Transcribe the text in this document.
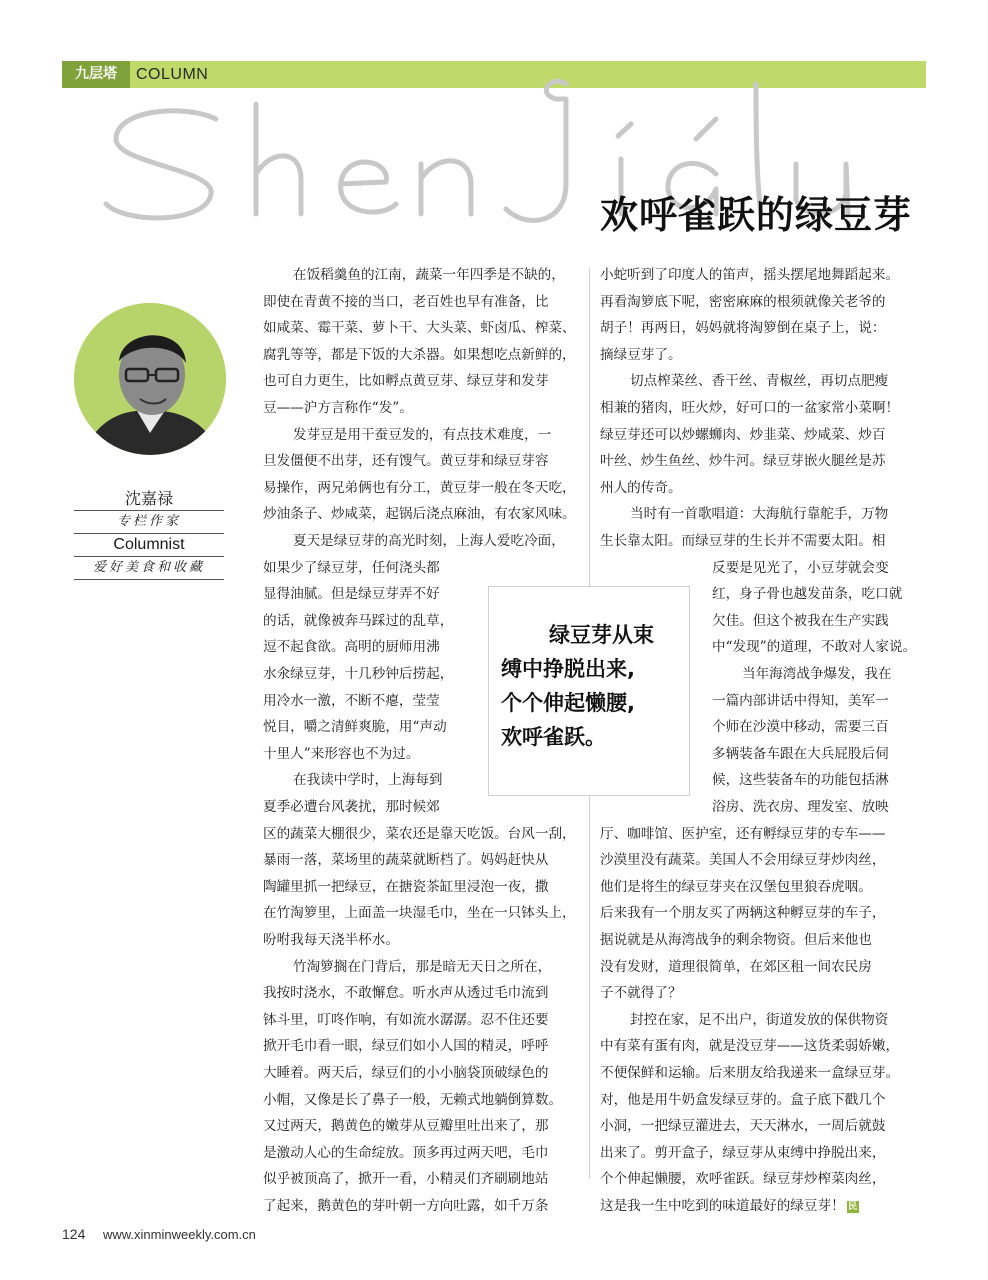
九层塔	COLUMN
欢呼雀跃的绿豆芽
沈嘉禄
专栏作家
Columnist
爱好美食和收藏
在饭稻羹鱼的江南，蔬菜一年四季是不缺的，
即使在青黄不接的当口，老百姓也早有准备，比
如咸菜、霉干菜、萝卜干、大头菜、虾卤瓜、榨菜、
腐乳等等，都是下饭的大杀器。如果想吃点新鲜的，
也可自力更生，比如孵点黄豆芽、绿豆芽和发芽
豆——沪方言称作“发”。
发芽豆是用干蚕豆发的，有点技术难度，一
旦发僵便不出芽，还有馊气。黄豆芽和绿豆芽容
易操作，两兄弟俩也有分工，黄豆芽一般在冬天吃，
炒油条子、炒咸菜，起锅后浇点麻油，有农家风味。
夏天是绿豆芽的高光时刻，上海人爱吃冷面，
如果少了绿豆芽，任何浇头都
显得油腻。但是绿豆芽弄不好
的话，就像被奔马踩过的乱草，
逗不起食欲。高明的厨师用沸
水氽绿豆芽，十几秒钟后捞起，
用冷水一激，不断不瘪，莹莹
悦目，嚼之清鲜爽脆，用“声动
十里人”来形容也不为过。
在我读中学时，上海每到
夏季必遭台风袭扰，那时候郊
区的蔬菜大棚很少，菜农还是靠天吃饭。台风一刮，
暴雨一落，菜场里的蔬菜就断档了。妈妈赶快从
陶罐里抓一把绿豆，在搪瓷茶缸里浸泡一夜，撒
在竹淘箩里，上面盖一块湿毛巾，坐在一只钵头上，
吩咐我每天浇半杯水。
竹淘箩搁在门背后，那是暗无天日之所在，
我按时浇水，不敢懈怠。听水声从透过毛巾流到
钵斗里，叮咚作响，有如流水潺潺。忍不住还要
掀开毛巾看一眼，绿豆们如小人国的精灵，呼呼
大睡着。两天后，绿豆们的小小脑袋顶破绿色的
小帽，又像是长了鼻子一般，无赖式地躺倒算数。
又过两天，鹅黄色的嫩芽从豆瓣里吐出来了，那
是激动人心的生命绽放。顶多再过两天吧，毛巾
似乎被顶高了，掀开一看，小精灵们齐刷刷地站
了起来，鹅黄色的芽叶朝一方向吐露，如千万条
小蛇听到了印度人的笛声，摇头摆尾地舞蹈起来。
再看淘箩底下呢，密密麻麻的根须就像关老爷的
胡子！再两日，妈妈就将淘箩倒在桌子上，说：
摘绿豆芽了。
切点榨菜丝、香干丝、青椒丝，再切点肥瘦
相兼的猪肉，旺火炒，好可口的一盆家常小菜啊！
绿豆芽还可以炒螺蛳肉、炒韭菜、炒咸菜、炒百
叶丝、炒生鱼丝、炒牛河。绿豆芽嵌火腿丝是苏
州人的传奇。
当时有一首歌唱道：大海航行靠舵手，万物
生长靠太阳。而绿豆芽的生长并不需要太阳。相
反要是见光了，小豆芽就会变
红，身子骨也越发苗条，吃口就
欠佳。但这个被我在生产实践
中“发现”的道理，不敢对人家说。
当年海湾战争爆发，我在
一篇内部讲话中得知，美军一
个师在沙漠中移动，需要三百
多辆装备车跟在大兵屁股后伺
候，这些装备车的功能包括淋
浴房、洗衣房、理发室、放映
厅、咖啡馆、医护室，还有孵绿豆芽的专车——
沙漠里没有蔬菜。美国人不会用绿豆芽炒肉丝，
他们是将生的绿豆芽夹在汉堡包里狼吞虎咽。
后来我有一个朋友买了两辆这种孵豆芽的车子，
据说就是从海湾战争的剩余物资。但后来他也
没有发财，道理很简单，在郊区租一间农民房
子不就得了？
封控在家，足不出户，街道发放的保供物资
中有菜有蛋有肉，就是没豆芽——这货柔弱娇嫩，
不便保鲜和运输。后来朋友给我递来一盒绿豆芽。
对，他是用牛奶盒发绿豆芽的。盒子底下戳几个
小洞，一把绿豆灌进去，天天淋水，一周后就鼓
出来了。剪开盒子，绿豆芽从束缚中挣脱出来，
个个伸起懒腰，欢呼雀跃。绿豆芽炒榨菜肉丝，
这是我一生中吃到的味道最好的绿豆芽！ 民
绿豆芽从束
缚中挣脱出来,
个个伸起懒腰,
欢呼雀跃。
124 www.xinminweekly.com.cn
